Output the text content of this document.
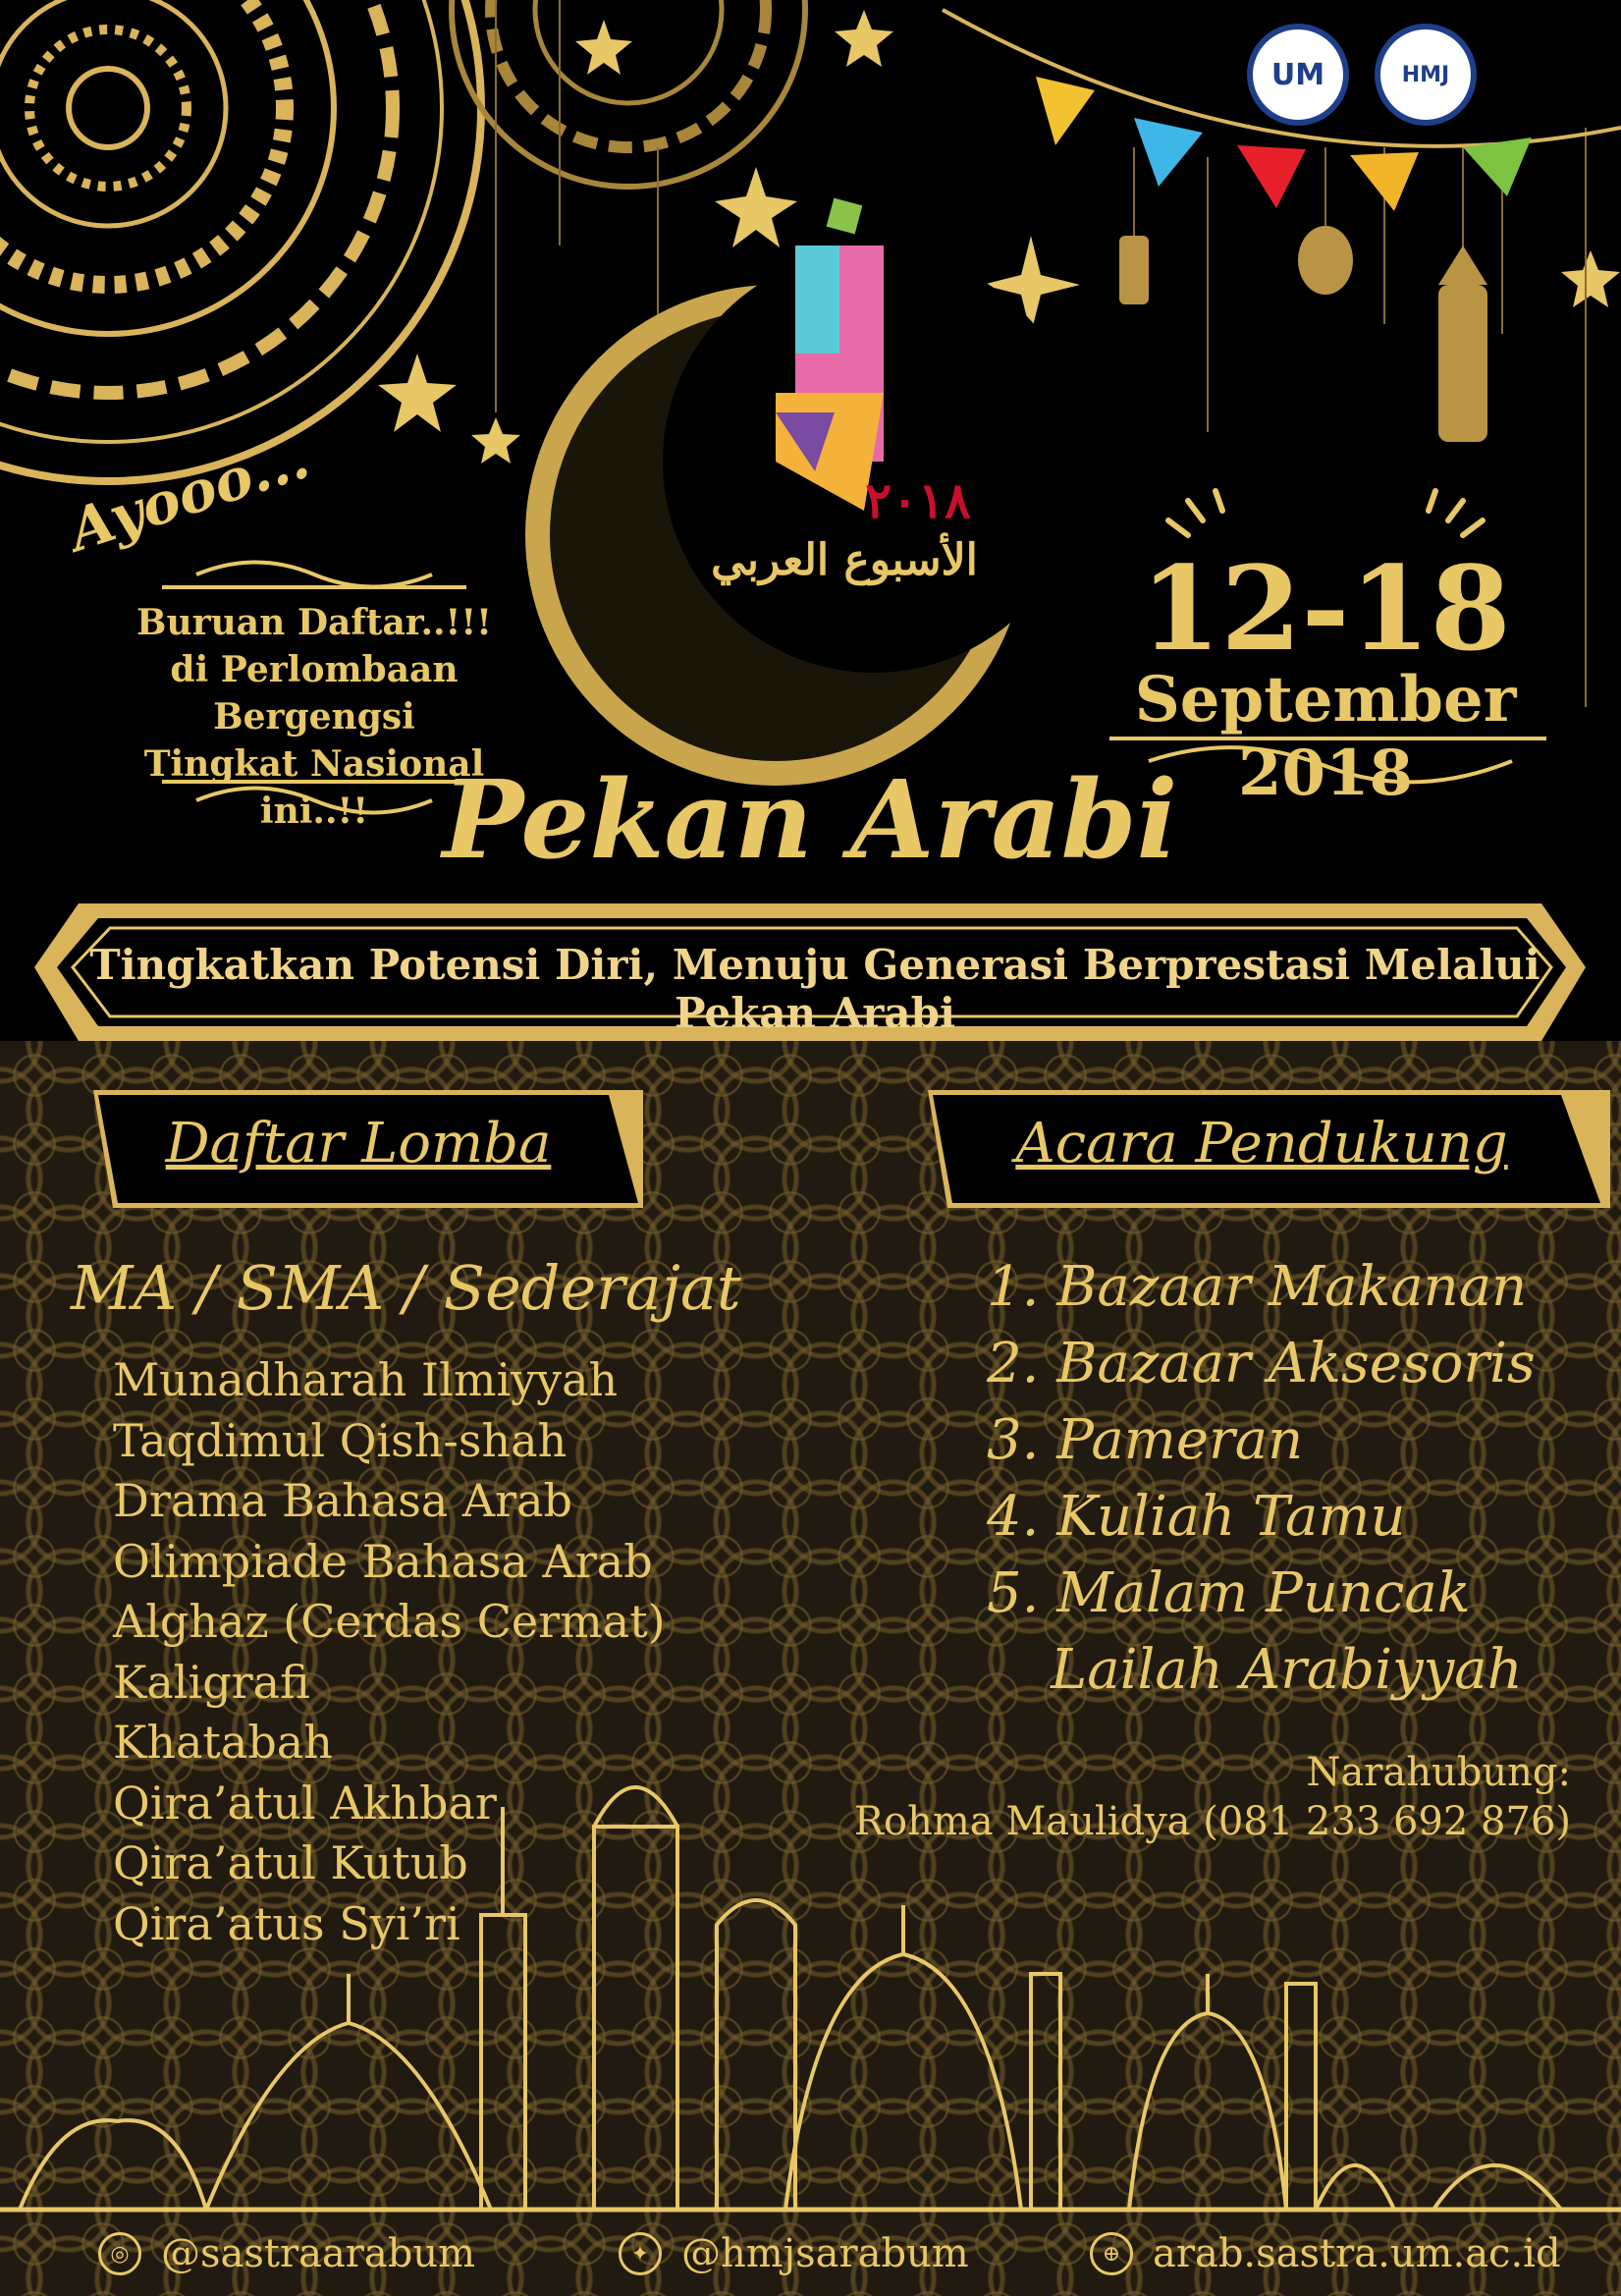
UM	HMJ
٢٠١٨
الأسبوع العربي
Ayooo...
Buruan Daftar..!!!
di Perlombaan
Bergengsi
Tingkat Nasional ini..!!
12-18
September 2018
Pekan Arabi
Tingkatkan Potensi Diri, Menuju Generasi Berprestasi Melalui Pekan Arabi
Daftar Lomba	Acara Pendukung
MA / SMA / Sederajat
Munadharah Ilmiyyah
Taqdimul Qish-shah
Drama Bahasa Arab
Olimpiade Bahasa Arab
Alghaz (Cerdas Cermat)
Kaligrafi
Khatabah
Qira’atul Akhbar
Qira’atul Kutub
Qira’atus Syi’ri
1. Bazaar Makanan
2. Bazaar Aksesoris
3. Pameran
4. Kuliah Tamu
5. Malam Puncak
Lailah Arabiyyah
Narahubung:
Rohma Maulidya (081 233 692 876)
◎ @sastraarabum	✦ @hmjsarabum	⊕ arab.sastra.um.ac.id
